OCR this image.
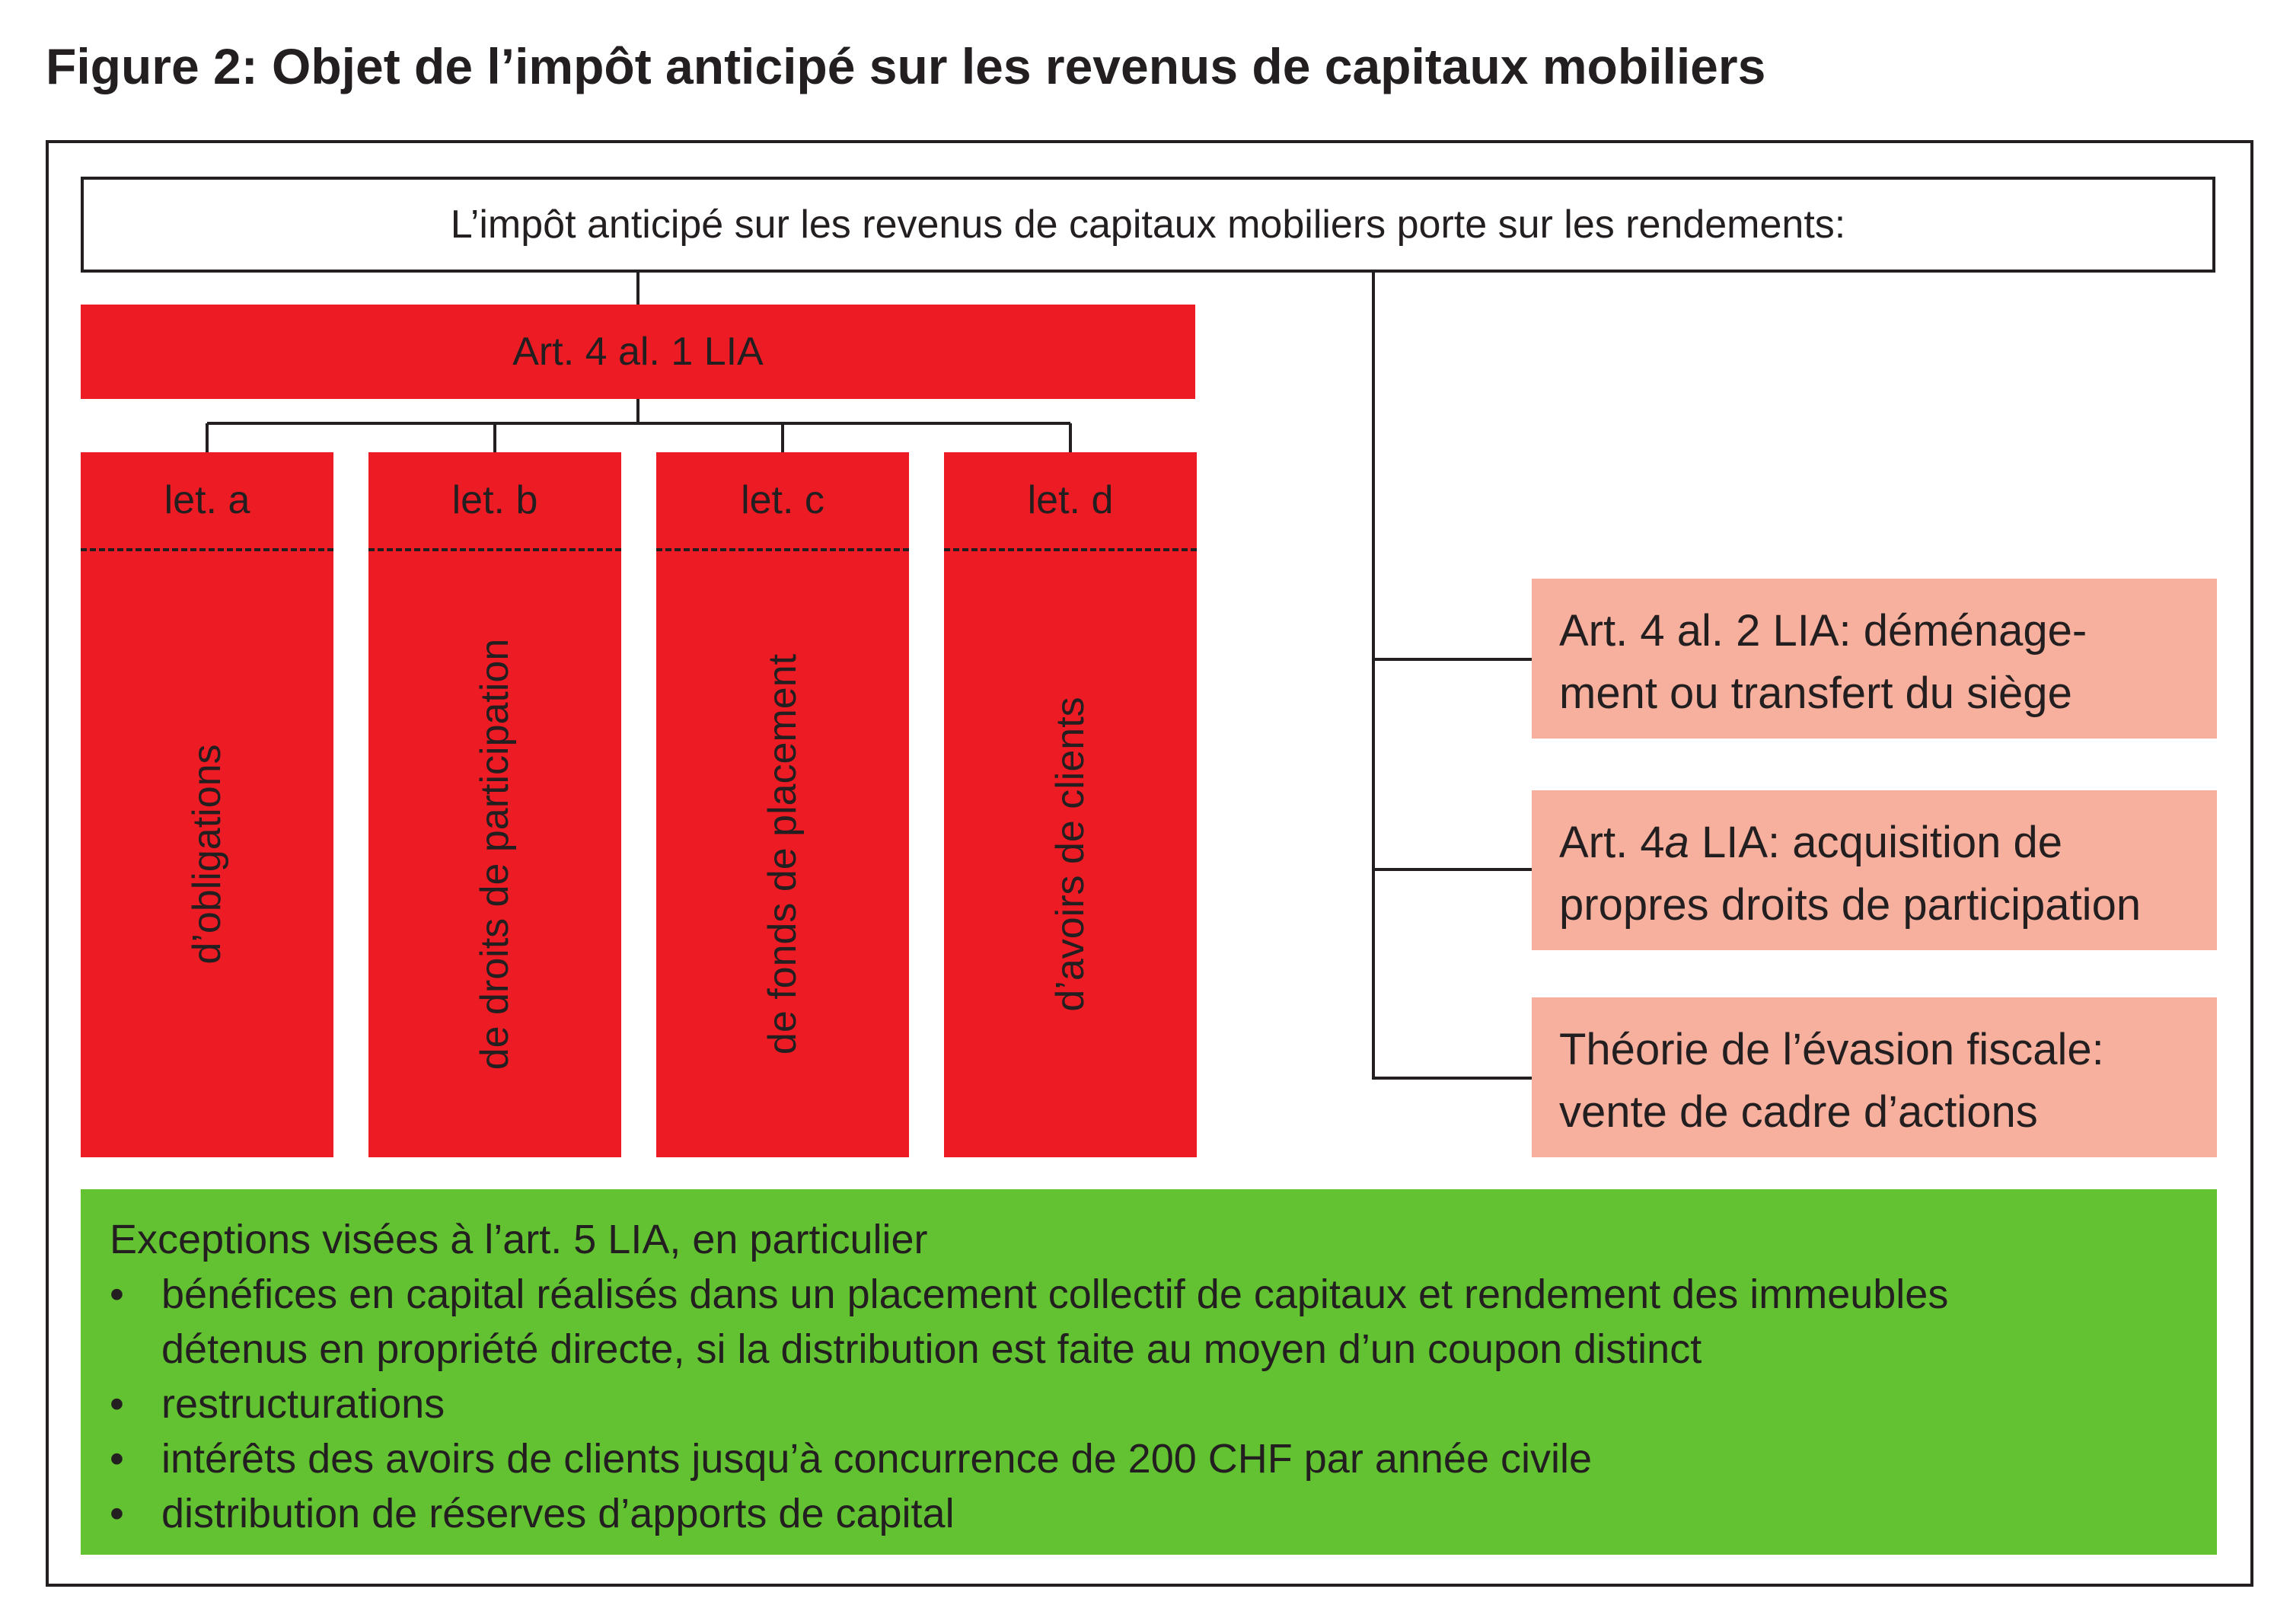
Figure 2: Objet de l’impôt anticipé sur les revenus de capitaux mobiliers
L’impôt anticipé sur les revenus de capitaux mobiliers porte sur les rendements:
Art. 4 al. 1 LIA
let. a
d’obligations
let. b
de droits de participation
let. c
de fonds de placement
let. d
d’avoirs de clients
Art. 4 al. 2 LIA: déménage-
ment ou transfert du siège
Art. 4a LIA: acquisition de
propres droits de participation
Théorie de l’évasion fiscale:
vente de cadre d’actions
Exceptions visées à l’art. 5 LIA, en particulier
• bénéfices en capital réalisés dans un placement collectif de capitaux et rendement des immeubles
détenus en propriété directe, si la distribution est faite au moyen d’un coupon distinct
• restructurations
• intérêts des avoirs de clients jusqu’à concurrence de 200 CHF par année civile
• distribution de réserves d’apports de capital
